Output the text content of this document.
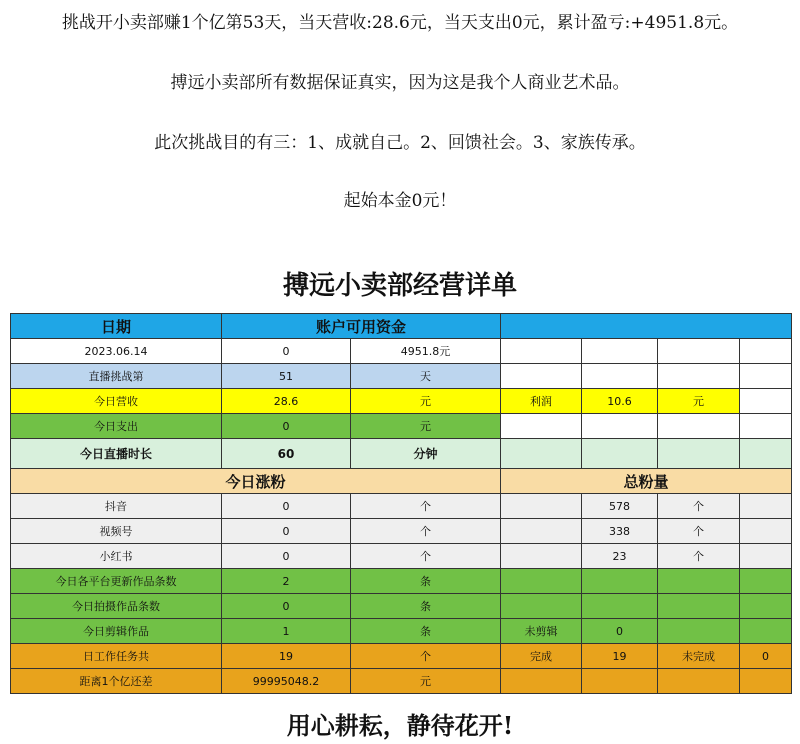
挑战开小卖部赚1个亿第53天，当天营收:28.6元，当天支出0元，累计盈亏:+4951.8元。
搏远小卖部所有数据保证真实，因为这是我个人商业艺术品。
此次挑战目的有三：1、成就自己。2、回馈社会。3、家族传承。
起始本金0元！
搏远小卖部经营详单
日期	账户可用资金					
2023.06.14	0	4951.8元				
直播挑战第	51	天				
今日营收	28.6	元	利润	10.6	元	
今日支出	0	元				
今日直播时长	60	分钟				
今日涨粉			总粉量			
抖音	0	个		578	个	
视频号	0	个		338	个	
小红书	0	个		23	个	
今日各平台更新作品条数	2	条				
今日拍摄作品条数	0	条				
今日剪辑作品	1	条	未剪辑	0		
日工作任务共	19	个	完成	19	未完成	0
距离1个亿还差	99995048.2	元				
用心耕耘，静待花开!
